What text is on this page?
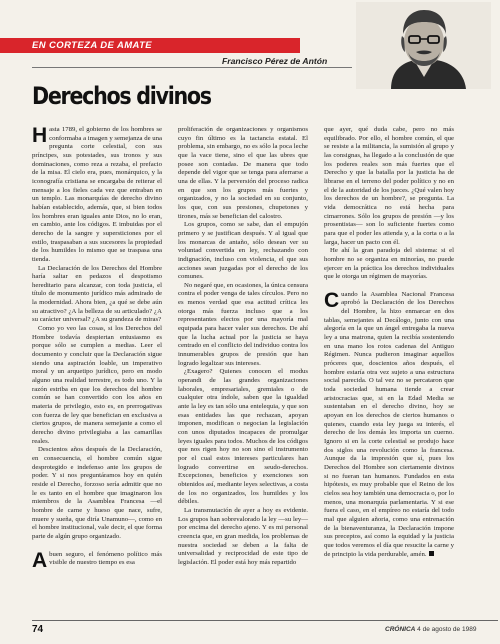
EN CORTEZA DE AMATE
Francisco Pérez de Antón
Derechos divinos

Hasta 1789, el gobierno de los hombres se conformaba a imagen y semejanza de una pregunta corte celestial, con sus príncipes, sus potestades, sus tronos y sus dominaciones, como reza a rezaba, el prefacio de la misa. El cielo era, pues, monárquico, y la iconografía cristiana se encargaba de reiterar el mensaje a los fieles cada vez que entraban en un templo. Las monarquías de derecho divino habían establecido, además, que, si bien todos los hombres eran iguales ante Dios, no lo eran, en cambio, ante los códigos. E imbuidas por el derecho de la sangre y supersticiones por el estilo, traspasaban a sus sucesores la propiedad de los humildes lo mismo que se traspasa una tienda.

La Declaración de los Derechos del Hombre haría saltar en pedazos el despotismo hereditario para alcanzar, con toda justicia, el título de monumento jurídico más admirado de la modernidad. Ahora bien, ¿a qué se debe aún su atractivo? ¿A la belleza de su articulado? ¿A su carácter universal? ¿A su grandeza de miras?

Como yo veo las cosas, si los Derechos del Hombre todavía despiertan entusiasmo es porque sólo se cumplen a medias. Leer el documento y concluir que la Declaración sigue siendo una aspiración loable, un imperativo moral y un arquetipo jurídico, pero en modo alguno una realidad terrestre, es todo uno. Y la razón estriba en que los derechos del hombre común se han convertido con los años en materia de privilegio, esto es, en prerrogativas con fuerza de ley que benefician en exclusiva a ciertos grupos, de manera semejante a como el derecho divino privilegiaba a las camarillas reales.

Descientos años después de la Declaración, en consecuencia, el hombre común sigue desprotegido e indefenso ante los grupos de poder. Y si nos preguntáramos hoy en quién reside el Derecho, forzoso sería admitir que no le es tanto en el hombre que imaginaron los miembros de la Asamblea Francesa —el hombre de carne y hueso que nace, sufre, muere y sueña, que diría Unamuno—, como en el hombre institucional, vale decir, el que forma parte de algún grupo organizado.

Abuen seguro, el fenómeno político más visible de nuestro tiempo es esa

proliferación de organizaciones y organismos cuyo fin último es la tactancia estatal. El problema, sin embargo, no es sólo la poca leche que la vace tiene, sino el que las ubres que posee son contadas. De manera que todo depende del vigor que se tenga para aferrarse a una de ellas. Y la perversión del proceso radica en que son los grupos más fuertes y organizados, y no la sociedad en su conjunto, los que, con sus presiones, chupetones y tirones, más se benefician del calostro.

Los grupos, como se sabe, dan el empujón primero y se justifican después. Y al igual que los monarcas de antaño, sólo desean ver su voluntad convertida en ley, rechazando con indignación, incluso con violencia, el que sus acciones sean juzgadas por el derecho de los comunes.

No negaré que, en ocasiones, la única censura contra el poder venga de tales círculos. Pero no es menos verdad que esa actitud crítica les otorga más fuerza incluso que a los representantes electos por una mayoría mal equipada para hacer valer sus derechos. De ahí que la lucha actual por la justicia se haya centrado en el conflicto del individuo contra los innumerables grupos de presión que han logrado legalizar sus intereses.

¿Exagero? Quienes conocen el modus operandi de las grandes organizaciones laborales, empresariales, gremiales o de cualquier otra índole, saben que la igualdad ante la ley es tan sólo una entelequia, y que son esas entidades las que rechazan, apoyan imponen, modifican o negocian la legislación con unos diputados incapaces de promulgar leyes iguales para todos. Muchos de los códigos que nos rigen hoy no son sino el instrumento por el cual estos intereses particulares han logrado convertirse en seudo-derechos. Excepciones, beneficios y exenciones son obtenidos así, mediante leyes selectivas, a costa de los no organizados, los humildes y los débiles.

La transmutación de ayer a hoy es evidente. Los grupos han sobrevalorado la ley —su ley— por encima del derecho ajeno. Y es mi personal creencia que, en gran medida, los problemas de nuestra sociedad se deben a la falta de universalidad y reciprocidad de este tipo de legislación. El poder está hoy más repartido

que ayer, qué duda cabe, pero no más equilibrado. Por ello, el hombre común, el que se resiste a la militancia, la sumisión al grupo y las consignas, ha llegado a la conclusión de que los poderes reales son más fuertes que el Derecho y que la batalla por la justicia ha de librarse en el terreno del poder político y no en el de la autoridad de los jueces. ¿Qué valen hoy los derechos de un hombre?, se pregunta. La vida democrática no está hecha para cimarrones. Sólo los grupos de presión —y los prosentistas— son lo suficiente fuertes como para que el poder les atienda y, a la corta o a la larga, hacer un pacto con él.

He ahí la gran paradoja del sistema: si el hombre no se organiza en minorías, no puede ejercer en la práctica los derechos individuales que le otorga un régimen de mayorías.

Cuando la Asamblea Nacional Francesa aprobó la Declaración de los Derechos del Hombre, la hizo enmarcar en dos tablas, semejantes al Decálogo, junto con una alegoría en la que un ángel entregaba la nueva ley a una matrona, quien la recibía sosteniendo en una mano los rotos cadenas del Antiguo Régimen. Nunca pudieron imaginar aquellos próceres que, doscientos años después, el hombre estaría otra vez sujeto a una estructura social parecida. O tal vez no se percataron que toda sociedad humana tiende a crear aristocracias que, si en la Edad Media se sustentaban en el derecho divino, hoy se apoyan en los derechos de ciertos humanos o quienes, cuando esta ley juega su interés, el derecho de los demás les importa un cuerno. Ignoro si en la corte celestial se produjo hace dos siglos una revolución como la francesa. Aunque da la impresión que sí, pues los Derechos del Hombre son ciertamente divinos si no fueran tan humanos. Fundados en esta hipótesis, es muy probable que el Reino de los cielos sea hoy también una democracia o, por lo menos, una monarquía parlamentaria. Y si ese fuera el caso, en el empíreo no estaría del todo mal que alguien añoria, como una entrenación de la bienaventuranza, la Declaración impone sus preceptos, así como la equidad y la justicia que todos veremos el día que resucite la carne y de principio la vida perdurable, amén.

74	CRÓNICA 4 de agosto de 1989
